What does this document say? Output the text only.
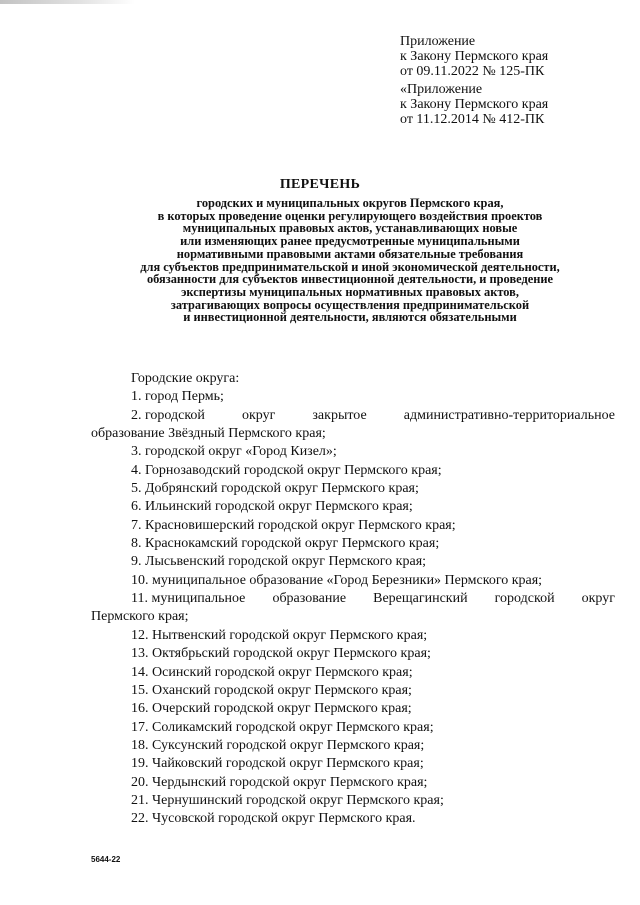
Приложение
к Закону Пермского края
от 09.11.2022 № 125-ПК
«Приложение
к Закону Пермского края
от 11.12.2014 № 412-ПК
ПЕРЕЧЕНЬ
городских и муниципальных округов Пермского края,
в которых проведение оценки регулирующего воздействия проектов
муниципальных правовых актов, устанавливающих новые
или изменяющих ранее предусмотренные муниципальными
нормативными правовыми актами обязательные требования
для субъектов предпринимательской и иной экономической деятельности,
обязанности для субъектов инвестиционной деятельности, и проведение
экспертизы муниципальных нормативных правовых актов,
затрагивающих вопросы осуществления предпринимательской
и инвестиционной деятельности, являются обязательными
Городские округа:
1. город Пермь;
2. городской	округ	закрытое	административно-территориальное
образование Звёздный Пермского края;
3. городской округ «Город Кизел»;
4. Горнозаводский городской округ Пермского края;
5. Добрянский городской округ Пермского края;
6. Ильинский городской округ Пермского края;
7. Красновишерский городской округ Пермского края;
8. Краснокамский городской округ Пермского края;
9. Лысьвенский городской округ Пермского края;
10. муниципальное образование «Город Березники» Пермского края;
11. муниципальное образование Верещагинский городской округ
Пермского края;
12. Нытвенский городской округ Пермского края;
13. Октябрьский городской округ Пермского края;
14. Осинский городской округ Пермского края;
15. Оханский городской округ Пермского края;
16. Очерский городской округ Пермского края;
17. Соликамский городской округ Пермского края;
18. Суксунский городской округ Пермского края;
19. Чайковский городской округ Пермского края;
20. Чердынский городской округ Пермского края;
21. Чернушинский городской округ Пермского края;
22. Чусовской городской округ Пермского края.
5644-22
